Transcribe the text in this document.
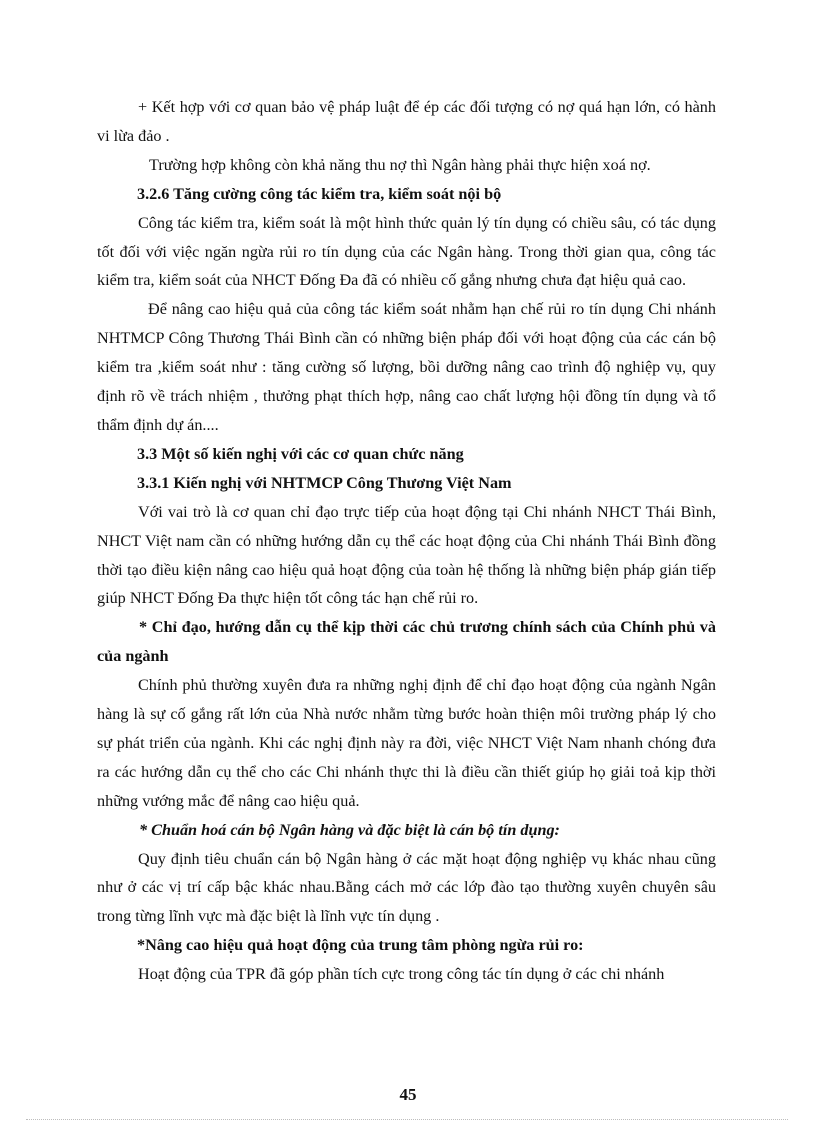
+ Kết hợp với cơ quan bảo vệ pháp luật để ép các đối tượng có nợ quá hạn lớn, có hành vi lừa đảo .

Trường hợp không còn khả năng thu nợ thì Ngân hàng phải thực hiện xoá nợ.

3.2.6 Tăng cường công tác kiểm tra, kiểm soát nội bộ

Công tác kiểm tra, kiểm soát là một hình thức quản lý tín dụng có chiều sâu, có tác dụng tốt đối với việc ngăn ngừa rủi ro tín dụng của các Ngân hàng. Trong thời gian qua, công tác kiểm tra, kiểm soát của NHCT Đống Đa đã có nhiều cố gắng nhưng chưa đạt hiệu quả cao.

Để nâng cao hiệu quả của công tác kiểm soát nhằm hạn chế rủi ro tín dụng Chi nhánh NHTMCP Công Thương Thái Bình cần có những biện pháp đối với hoạt động của các cán bộ kiểm tra ,kiểm soát như : tăng cường số lượng, bồi dưỡng nâng cao trình độ nghiệp vụ, quy định rõ về trách nhiệm , thưởng phạt thích hợp, nâng cao chất lượng hội đồng tín dụng và tổ thẩm định dự án....

3.3 Một số kiến nghị với các cơ quan chức năng

3.3.1 Kiến nghị với NHTMCP Công Thương Việt Nam

Với vai trò là cơ quan chỉ đạo trực tiếp của hoạt động tại Chi nhánh NHCT Thái Bình, NHCT Việt nam cần có những hướng dẫn cụ thể các hoạt động của Chi nhánh Thái Bình đồng thời tạo điều kiện nâng cao hiệu quả hoạt động của toàn hệ thống là những biện pháp gián tiếp giúp NHCT Đống Đa thực hiện tốt công tác hạn chế rủi ro.

* Chỉ đạo, hướng dẫn cụ thể kịp thời các chủ trương chính sách của Chính phủ và của ngành

Chính phủ thường xuyên đưa ra những nghị định để chỉ đạo hoạt động của ngành Ngân hàng là sự cố gắng rất lớn của Nhà nước nhằm từng bước hoàn thiện môi trường pháp lý cho sự phát triển của ngành. Khi các nghị định này ra đời, việc NHCT Việt Nam nhanh chóng đưa ra các hướng dẫn cụ thể cho các Chi nhánh thực thi là điều cần thiết giúp họ giải toả kịp thời những vướng mắc để nâng cao hiệu quả.

* Chuẩn hoá cán bộ Ngân hàng và đặc biệt là cán bộ tín dụng:

Quy định tiêu chuẩn cán bộ Ngân hàng ở các mặt hoạt động nghiệp vụ khác nhau cũng như ở các vị trí cấp bậc khác nhau.Bằng cách mở các lớp đào tạo thường xuyên chuyên sâu trong từng lĩnh vực mà đặc biệt là lĩnh vực tín dụng .

*Nâng cao hiệu quả hoạt động của trung tâm phòng ngừa rủi ro:

Hoạt động của TPR đã góp phần tích cực trong công tác tín dụng ở các chi nhánh

45
